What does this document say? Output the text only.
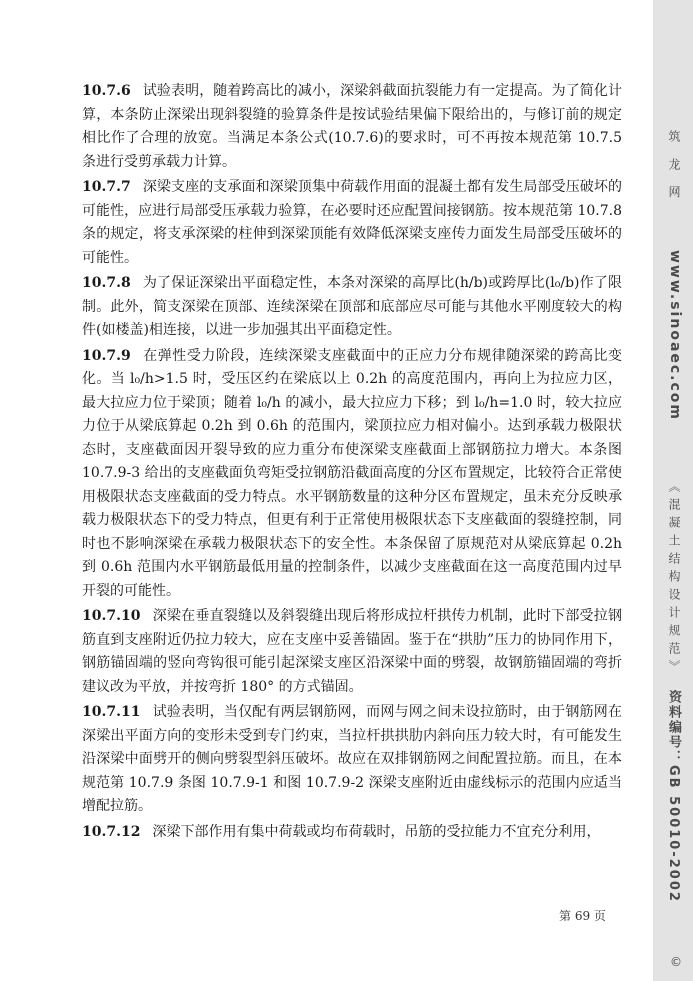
10.7.6 试验表明，随着跨高比的减小，深梁斜截面抗裂能力有一定提高。为了简化计算，本条防止深梁出现斜裂缝的验算条件是按试验结果偏下限给出的，与修订前的规定相比作了合理的放宽。当满足本条公式(10.7.6)的要求时，可不再按本规范第 10.7.5 条进行受剪承载力计算。

10.7.7 深梁支座的支承面和深梁顶集中荷载作用面的混凝土都有发生局部受压破坏的可能性，应进行局部受压承载力验算，在必要时还应配置间接钢筋。按本规范第 10.7.8 条的规定，将支承深梁的柱伸到深梁顶能有效降低深梁支座传力面发生局部受压破坏的可能性。

10.7.8 为了保证深梁出平面稳定性，本条对深梁的高厚比(h/b)或跨厚比(l₀/b)作了限制。此外，简支深梁在顶部、连续深梁在顶部和底部应尽可能与其他水平刚度较大的构件(如楼盖)相连接，以进一步加强其出平面稳定性。

10.7.9 在弹性受力阶段，连续深梁支座截面中的正应力分布规律随深梁的跨高比变化。当 l₀/h>1.5 时，受压区约在梁底以上 0.2h 的高度范围内，再向上为拉应力区，最大拉应力位于梁顶；随着 l₀/h 的减小，最大拉应力下移；到 l₀/h=1.0 时，较大拉应力位于从梁底算起 0.2h 到 0.6h 的范围内，梁顶拉应力相对偏小。达到承载力极限状态时，支座截面因开裂导致的应力重分布使深梁支座截面上部钢筋拉力增大。本条图 10.7.9-3 给出的支座截面负弯矩受拉钢筋沿截面高度的分区布置规定，比较符合正常使用极限状态支座截面的受力特点。水平钢筋数量的这种分区布置规定，虽未充分反映承载力极限状态下的受力特点，但更有利于正常使用极限状态下支座截面的裂缝控制，同时也不影响深梁在承载力极限状态下的安全性。本条保留了原规范对从梁底算起 0.2h 到 0.6h 范围内水平钢筋最低用量的控制条件，以减少支座截面在这一高度范围内过早开裂的可能性。

10.7.10 深梁在垂直裂缝以及斜裂缝出现后将形成拉杆拱传力机制，此时下部受拉钢筋直到支座附近仍拉力较大，应在支座中妥善锚固。鉴于在“拱肋”压力的协同作用下，钢筋锚固端的竖向弯钩很可能引起深梁支座区沿深梁中面的劈裂，故钢筋锚固端的弯折建议改为平放，并按弯折 180° 的方式锚固。

10.7.11 试验表明，当仅配有两层钢筋网，而网与网之间未设拉筋时，由于钢筋网在深梁出平面方向的变形未受到专门约束，当拉杆拱拱肋内斜向压力较大时，有可能发生沿深梁中面劈开的侧向劈裂型斜压破坏。故应在双排钢筋网之间配置拉筋。而且，在本规范第 10.7.9 条图 10.7.9-1 和图 10.7.9-2 深梁支座附近由虚线标示的范围内应适当增配拉筋。

10.7.12 深梁下部作用有集中荷载或均布荷载时，吊筋的受拉能力不宜充分利用，

第 69 页
筑 龙 网
www.sinoaec.com
《混凝土结构设计规范》
资料编号：GB 50010-2002
©
